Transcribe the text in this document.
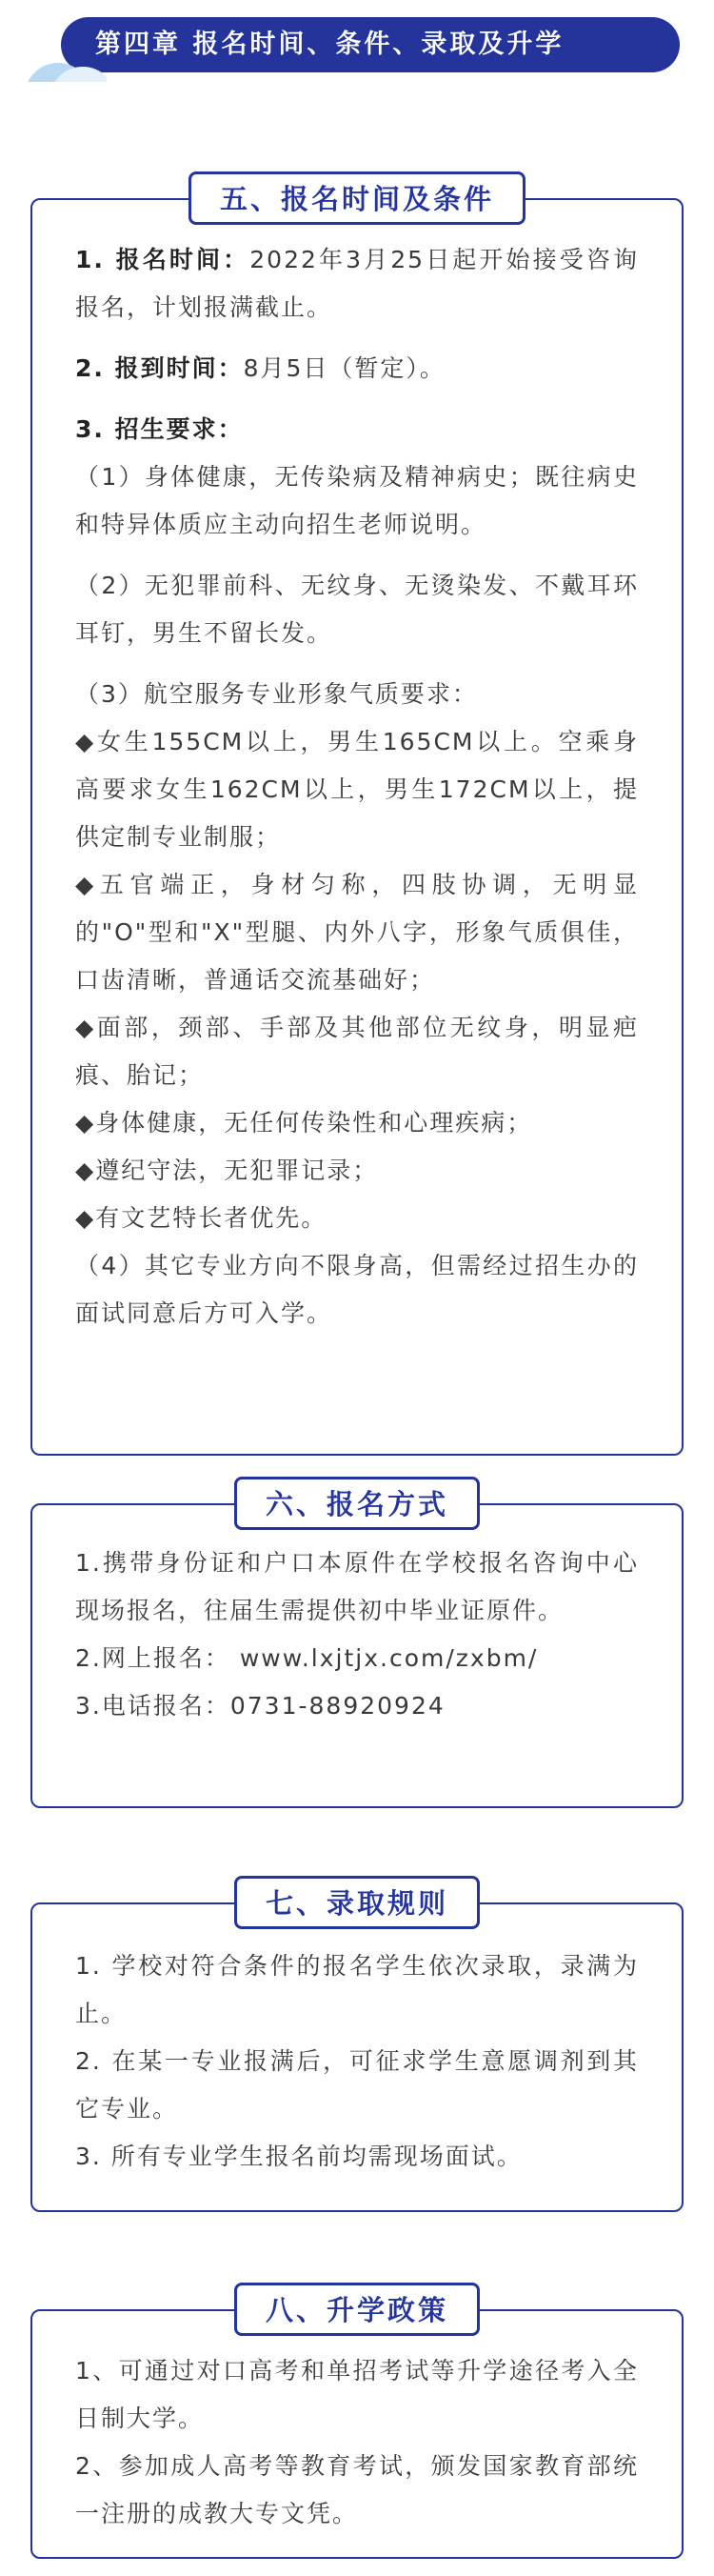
第四章 报名时间、条件、录取及升学
五、报名时间及条件

1. 报名时间：2022年3月25日起开始接受咨询报名，计划报满截止。

2. 报到时间：8月5日（暂定）。

3. 招生要求：

（1）身体健康，无传染病及精神病史；既往病史和特异体质应主动向招生老师说明。

（2）无犯罪前科、无纹身、无烫染发、不戴耳环耳钉，男生不留长发。

（3）航空服务专业形象气质要求：

◆女生155CM以上，男生165CM以上。空乘身高要求女生162CM以上，男生172CM以上，提供定制专业制服；

◆五官端正，身材匀称，四肢协调，无明显的"O"型和"X"型腿、内外八字，形象气质俱佳，口齿清晰，普通话交流基础好；

◆面部，颈部、手部及其他部位无纹身，明显疤痕、胎记；

◆身体健康，无任何传染性和心理疾病；

◆遵纪守法，无犯罪记录；

◆有文艺特长者优先。

（4）其它专业方向不限身高，但需经过招生办的面试同意后方可入学。

六、报名方式

1.携带身份证和户口本原件在学校报名咨询中心现场报名，往届生需提供初中毕业证原件。

2.网上报名： www.lxjtjx.com/zxbm/

3.电话报名：0731-88920924

七、录取规则

1. 学校对符合条件的报名学生依次录取，录满为止。

2. 在某一专业报满后，可征求学生意愿调剂到其它专业。

3. 所有专业学生报名前均需现场面试。

八、升学政策

1、可通过对口高考和单招考试等升学途径考入全日制大学。

2、参加成人高考等教育考试，颁发国家教育部统一注册的成教大专文凭。
